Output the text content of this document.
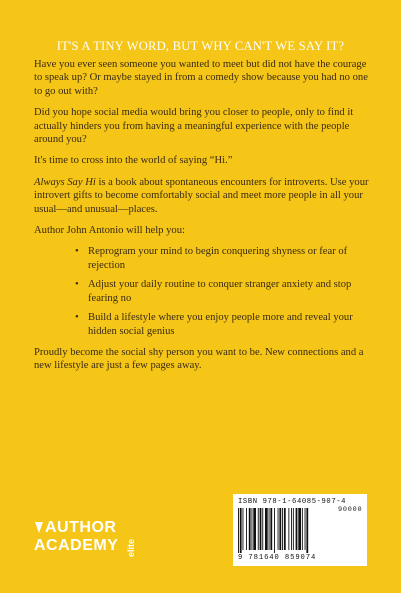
IT'S A TINY WORD, BUT WHY CAN'T WE SAY IT?

Have you ever seen someone you wanted to meet but did not have the courage to speak up? Or maybe stayed in from a comedy show because you had no one to go out with?

Did you hope social media would bring you closer to people, only to find it actually hinders you from having a meaningful experience with the people around you?

It's time to cross into the world of saying “Hi.”

Always Say Hi is a book about spontaneous encounters for introverts. Use your introvert gifts to become comfortably social and meet more people in all your usual—and unusual—places.

Author John Antonio will help you:

• Reprogram your mind to begin conquering shyness or fear of rejection
• Adjust your daily routine to conquer stranger anxiety and stop fearing no
• Build a lifestyle where you enjoy people more and reveal your hidden social genius

Proudly become the social shy person you want to be. New connections and a new lifestyle are just a few pages away.

AUTHOR
ACADEMY elite
ISBN 978-1-64085-907-4
90000
9 781640 859074
